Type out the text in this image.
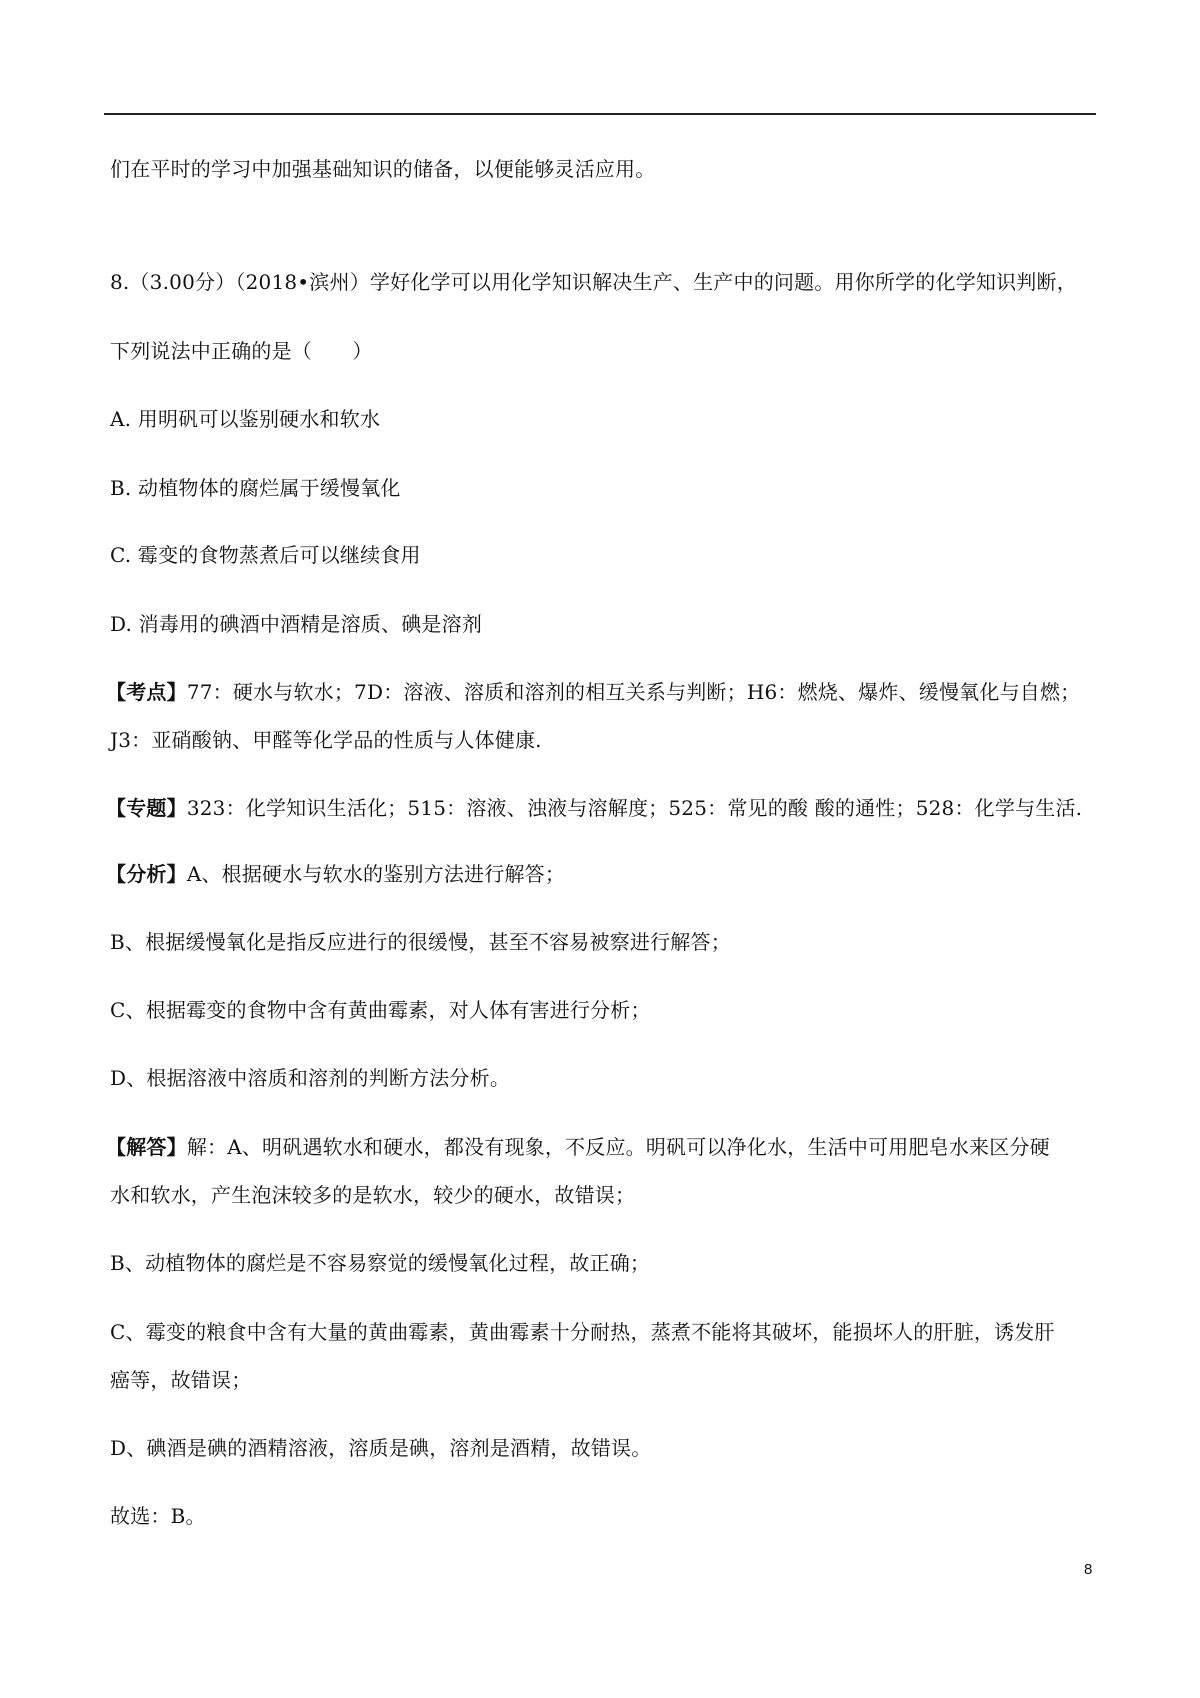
们在平时的学习中加强基础知识的储备，以便能够灵活应用。
8.（3.00分）（2018•滨州）学好化学可以用化学知识解决生产、生产中的问题。用你所学的化学知识判断，
下列说法中正确的是（　　）
A. 用明矾可以鉴别硬水和软水
B. 动植物体的腐烂属于缓慢氧化
C. 霉变的食物蒸煮后可以继续食用
D. 消毒用的碘酒中酒精是溶质、碘是溶剂
【考点】77：硬水与软水；7D：溶液、溶质和溶剂的相互关系与判断；H6：燃烧、爆炸、缓慢氧化与自燃；
J3：亚硝酸钠、甲醛等化学品的性质与人体健康.
【专题】323：化学知识生活化；515：溶液、浊液与溶解度；525：常见的酸 酸的通性；528：化学与生活.
【分析】A、根据硬水与软水的鉴别方法进行解答；
B、根据缓慢氧化是指反应进行的很缓慢，甚至不容易被察进行解答；
C、根据霉变的食物中含有黄曲霉素，对人体有害进行分析；
D、根据溶液中溶质和溶剂的判断方法分析。
【解答】解：A、明矾遇软水和硬水，都没有现象，不反应。明矾可以净化水，生活中可用肥皂水来区分硬
水和软水，产生泡沫较多的是软水，较少的硬水，故错误；
B、动植物体的腐烂是不容易察觉的缓慢氧化过程，故正确；
C、霉变的粮食中含有大量的黄曲霉素，黄曲霉素十分耐热，蒸煮不能将其破坏，能损坏人的肝脏，诱发肝
癌等，故错误；
D、碘酒是碘的酒精溶液，溶质是碘，溶剂是酒精，故错误。
故选：B。
8
